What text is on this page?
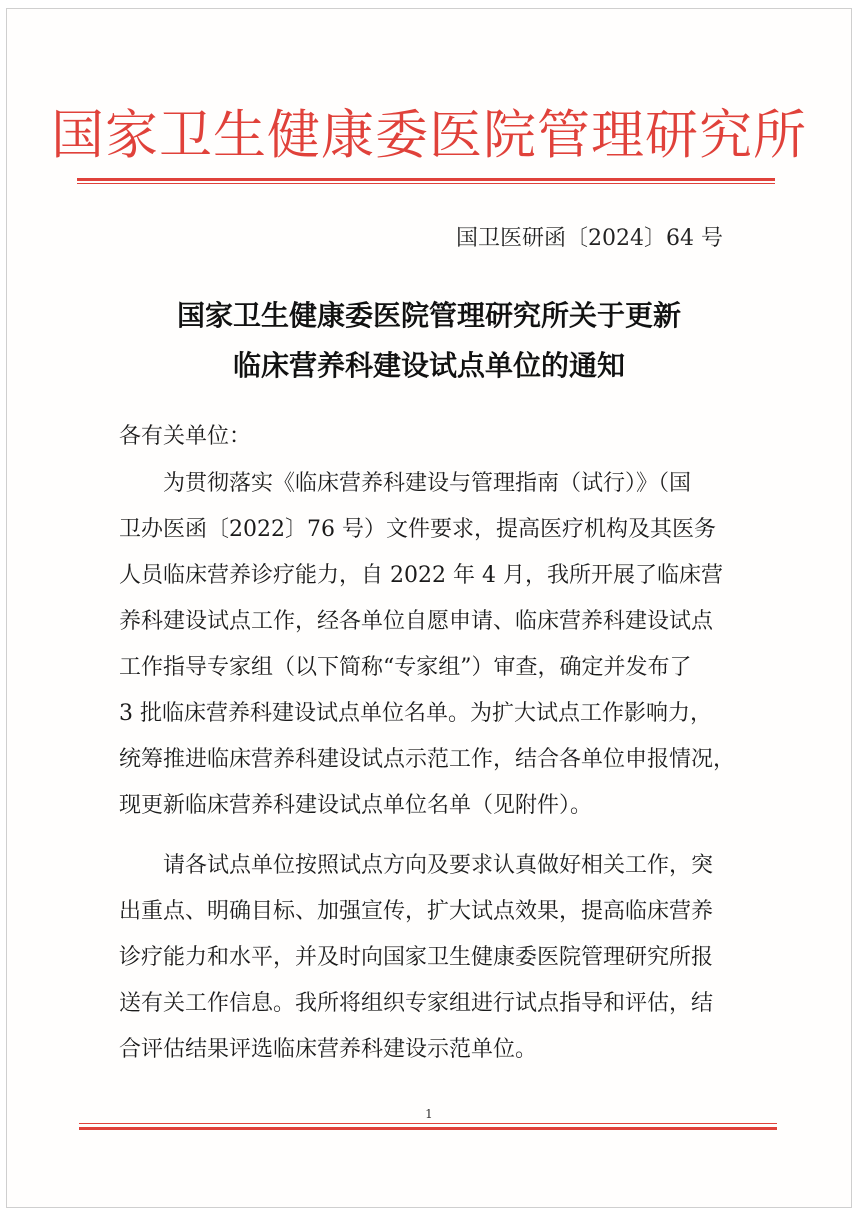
国家卫生健康委医院管理研究所
国卫医研函〔2024〕64 号
国家卫生健康委医院管理研究所关于更新
临床营养科建设试点单位的通知
各有关单位：
为贯彻落实《临床营养科建设与管理指南（试行）》（国
卫办医函〔2022〕76 号）文件要求，提高医疗机构及其医务
人员临床营养诊疗能力，自 2022 年 4 月，我所开展了临床营
养科建设试点工作，经各单位自愿申请、临床营养科建设试点
工作指导专家组（以下简称“专家组”）审查，确定并发布了
3 批临床营养科建设试点单位名单。为扩大试点工作影响力，
统筹推进临床营养科建设试点示范工作，结合各单位申报情况，
现更新临床营养科建设试点单位名单（见附件）。
请各试点单位按照试点方向及要求认真做好相关工作，突
出重点、明确目标、加强宣传，扩大试点效果，提高临床营养
诊疗能力和水平，并及时向国家卫生健康委医院管理研究所报
送有关工作信息。我所将组织专家组进行试点指导和评估，结
合评估结果评选临床营养科建设示范单位。
1
